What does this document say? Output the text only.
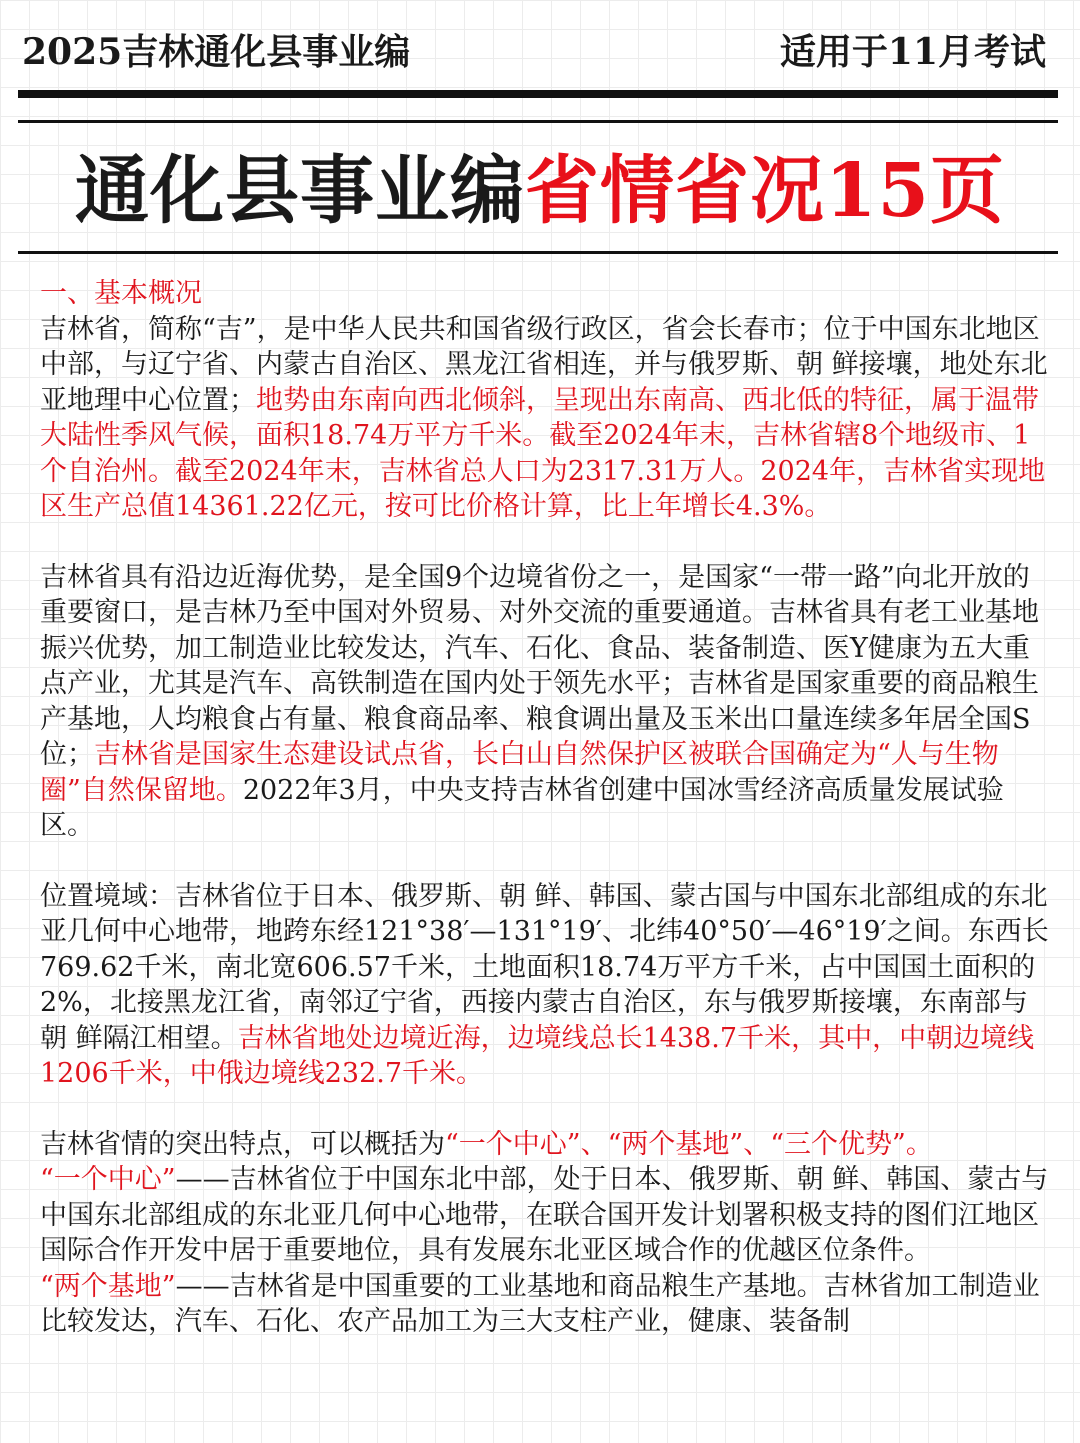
2025吉林通化县事业编	适用于11月考试
通化县事业编省情省况15页

一、基本概况

吉林省，简称“吉”，是中华人民共和国省级行政区，省会长春市；位于中国东北地区中部，与辽宁省、内蒙古自治区、黑龙江省相连，并与俄罗斯、朝 鲜接壤，地处东北亚地理中心位置；地势由东南向西北倾斜，呈现出东南高、西北低的特征，属于温带大陆性季风气候，面积18.74万平方千米。截至2024年末，吉林省辖8个地级市、1个自治州。截至2024年末，吉林省总人口为2317.31万人。2024年，吉林省实现地区生产总值14361.22亿元，按可比价格计算，比上年增长4.3%。

吉林省具有沿边近海优势，是全国9个边境省份之一，是国家“一带一路”向北开放的重要窗口，是吉林乃至中国对外贸易、对外交流的重要通道。吉林省具有老工业基地振兴优势，加工制造业比较发达，汽车、石化、食品、装备制造、医Y健康为五大重点产业，尤其是汽车、高铁制造在国内处于领先水平；吉林省是国家重要的商品粮生产基地，人均粮食占有量、粮食商品率、粮食调出量及玉米出口量连续多年居全国S位；吉林省是国家生态建设试点省，长白山自然保护区被联合国确定为“人与生物圈”自然保留地。2022年3月，中央支持吉林省创建中国冰雪经济高质量发展试验区。

位置境域：吉林省位于日本、俄罗斯、朝 鲜、韩国、蒙古国与中国东北部组成的东北亚几何中心地带，地跨东经121°38′—131°19′、北纬40°50′—46°19′之间。东西长769.62千米，南北宽606.57千米，土地面积18.74万平方千米，占中国国土面积的2%，北接黑龙江省，南邻辽宁省，西接内蒙古自治区，东与俄罗斯接壤，东南部与朝 鲜隔江相望。吉林省地处边境近海，边境线总长1438.7千米，其中，中朝边境线1206千米，中俄边境线232.7千米。

吉林省情的突出特点，可以概括为“一个中心”、“两个基地”、“三个优势”。

“一个中心”——吉林省位于中国东北中部，处于日本、俄罗斯、朝 鲜、韩国、蒙古与中国东北部组成的东北亚几何中心地带，在联合国开发计划署积极支持的图们江地区国际合作开发中居于重要地位，具有发展东北亚区域合作的优越区位条件。

“两个基地”——吉林省是中国重要的工业基地和商品粮生产基地。吉林省加工制造业比较发达，汽车、石化、农产品加工为三大支柱产业，健康、装备制
